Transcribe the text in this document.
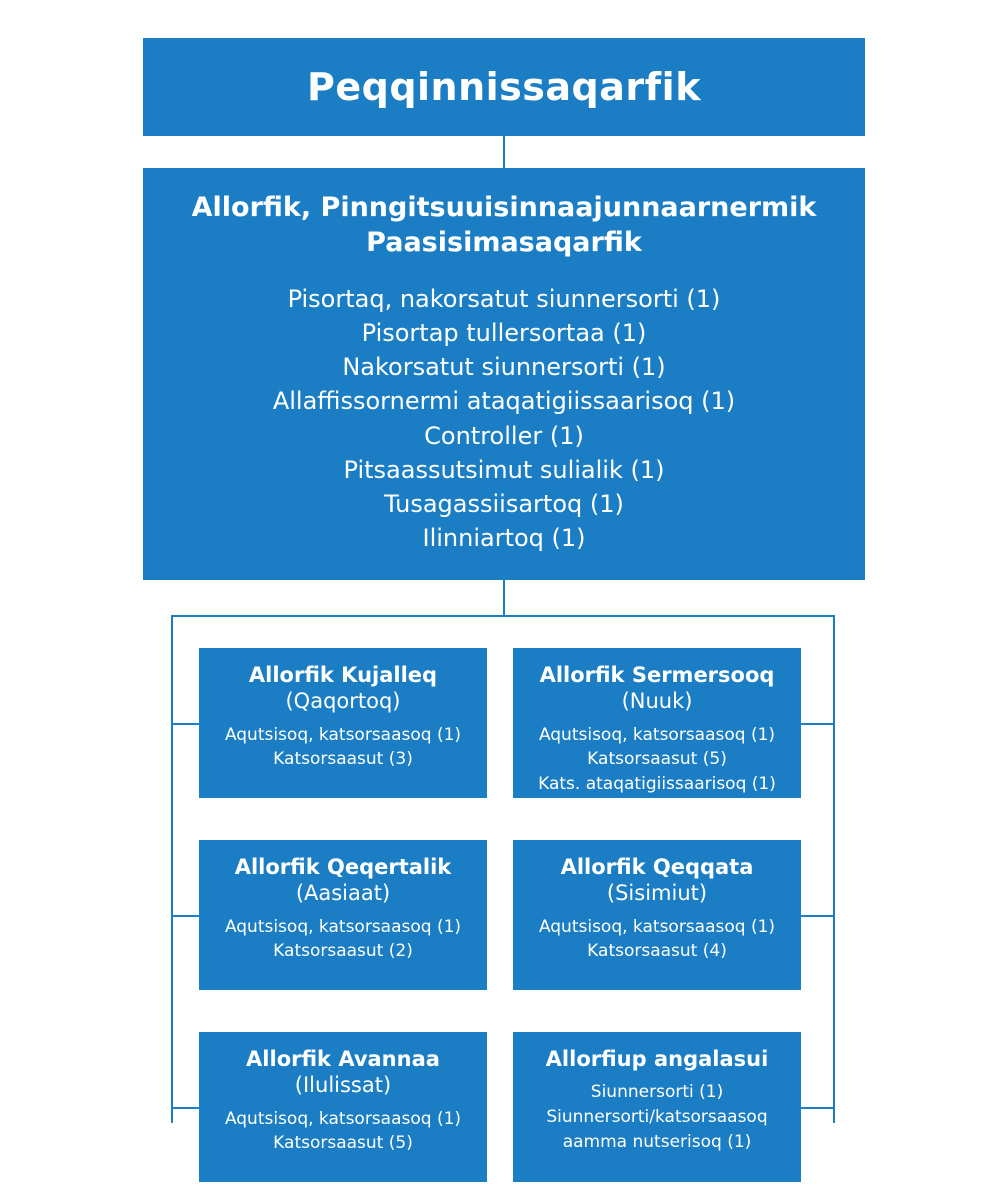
Peqqinnissaqarfik
Allorfik, Pinngitsuuisinnaajunnaarnermik Paasisimasaqarfik
Pisortaq, nakorsatut siunnersorti (1)
Pisortap tullersortaa (1)
Nakorsatut siunnersorti (1)
Allaffissornermi ataqatigiissaarisoq (1)
Controller (1)
Pitsaassutsimut sulialik (1)
Tusagassiisartoq (1)
Ilinniartoq (1)
Allorfik Kujalleq
(Qaqortoq)
Aqutsisoq, katsorsaasoq (1)
Katsorsaasut (3)
Allorfik Sermersooq
(Nuuk)
Aqutsisoq, katsorsaasoq (1)
Katsorsaasut (5)
Kats. ataqatigiissaarisoq (1)
Allorfik Qeqertalik
(Aasiaat)
Aqutsisoq, katsorsaasoq (1)
Katsorsaasut (2)
Allorfik Qeqqata
(Sisimiut)
Aqutsisoq, katsorsaasoq (1)
Katsorsaasut (4)
Allorfik Avannaa
(Ilulissat)
Aqutsisoq, katsorsaasoq (1)
Katsorsaasut (5)
Allorfiup angalasui
Siunnersorti (1)
Siunnersorti/katsorsaasoq aamma nutserisoq (1)
